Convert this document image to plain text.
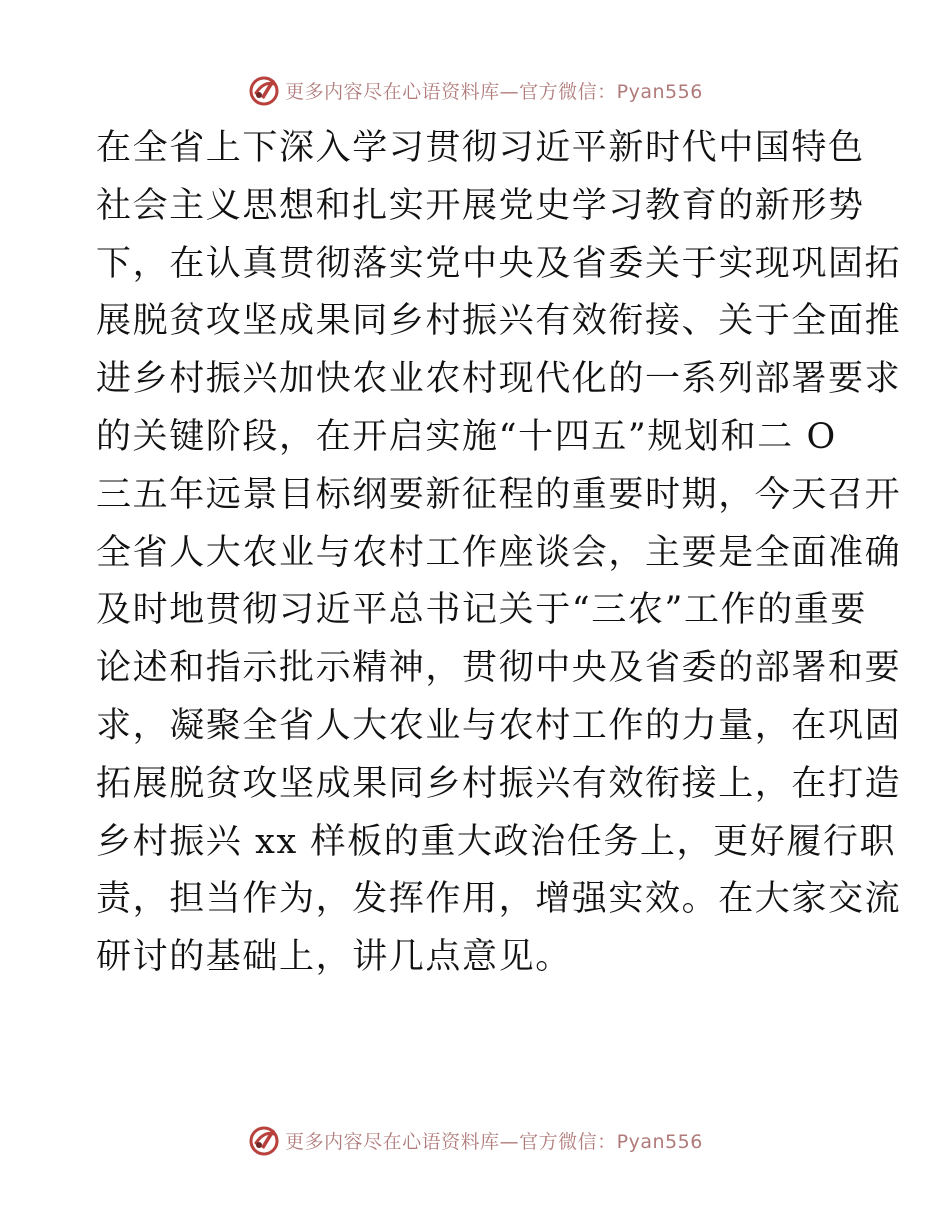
更多内容尽在心语资料库—官方微信：Pyan556
在全省上下深入学习贯彻习近平新时代中国特色
社会主义思想和扎实开展党史学习教育的新形势
下，在认真贯彻落实党中央及省委关于实现巩固拓
展脱贫攻坚成果同乡村振兴有效衔接、关于全面推
进乡村振兴加快农业农村现代化的一系列部署要求
的关键阶段，在开启实施“十四五”规划和二 O
三五年远景目标纲要新征程的重要时期，今天召开
全省人大农业与农村工作座谈会，主要是全面准确
及时地贯彻习近平总书记关于“三农”工作的重要
论述和指示批示精神，贯彻中央及省委的部署和要
求，凝聚全省人大农业与农村工作的力量，在巩固
拓展脱贫攻坚成果同乡村振兴有效衔接上，在打造
乡村振兴 xx 样板的重大政治任务上，更好履行职
责，担当作为，发挥作用，增强实效。在大家交流
研讨的基础上，讲几点意见。
更多内容尽在心语资料库—官方微信：Pyan556
